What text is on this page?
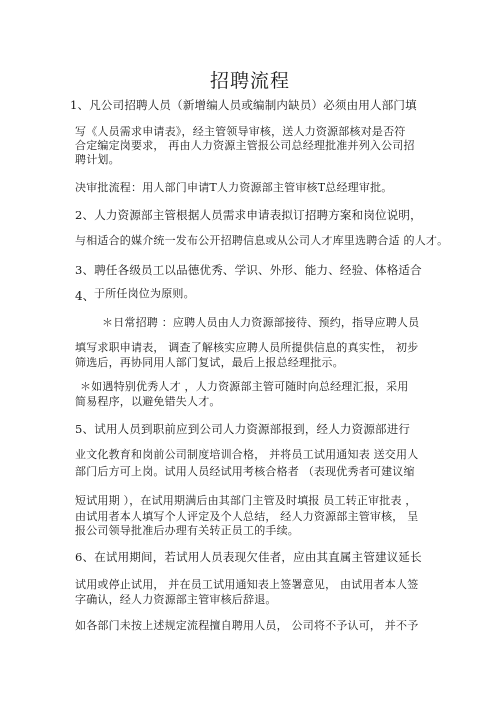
招聘流程
1、凡公司招聘人员（新增编人员或编制内缺员）必须由用人部门填
写《人员需求申请表》，经主管领导审核，送人力资源部核对是否符
合定编定岗要求， 再由人力资源主管报公司总经理批准并列入公司招
聘计划。
决审批流程：用人部门申请T人力资源部主管审核T总经理审批。
2、人力资源部主管根据人员需求申请表拟订招聘方案和岗位说明，
与相适合的媒介统一发布公开招聘信息或从公司人才库里选聘合适 的人才。
3、聘任各级员工以品德优秀、学识、外形、能力、经验、体格适合
4、 于所任岗位为原则。
＊日常招聘 ：应聘人员由人力资源部接待、预约，指导应聘人员
填写求职申请表， 调查了解核实应聘人员所提供信息的真实性， 初步
筛选后，再协同用人部门复试，最后上报总经理批示。
＊如遇特别优秀人才 ，人力资源部主管可随时向总经理汇报，采用
简易程序，以避免错失人才。
5、试用人员到职前应到公司人力资源部报到，经人力资源部进行
业文化教育和岗前公司制度培训合格， 并将员工试用通知表 送交用人
部门后方可上岗。试用人员经试用考核合格者 （表现优秀者可建议缩
短试用期 ），在试用期满后由其部门主管及时填报 员工转正审批表 ，
由试用者本人填写个人评定及个人总结， 经人力资源部主管审核， 呈
报公司领导批准后办理有关转正员工的手续。
6、在试用期间，若试用人员表现欠佳者，应由其直属主管建议延长
试用或停止试用， 并在员工试用通知表上签署意见， 由试用者本人签
字确认，经人力资源部主管审核后辞退。
如各部门未按上述规定流程擅自聘用人员， 公司将不予认可， 并不予
